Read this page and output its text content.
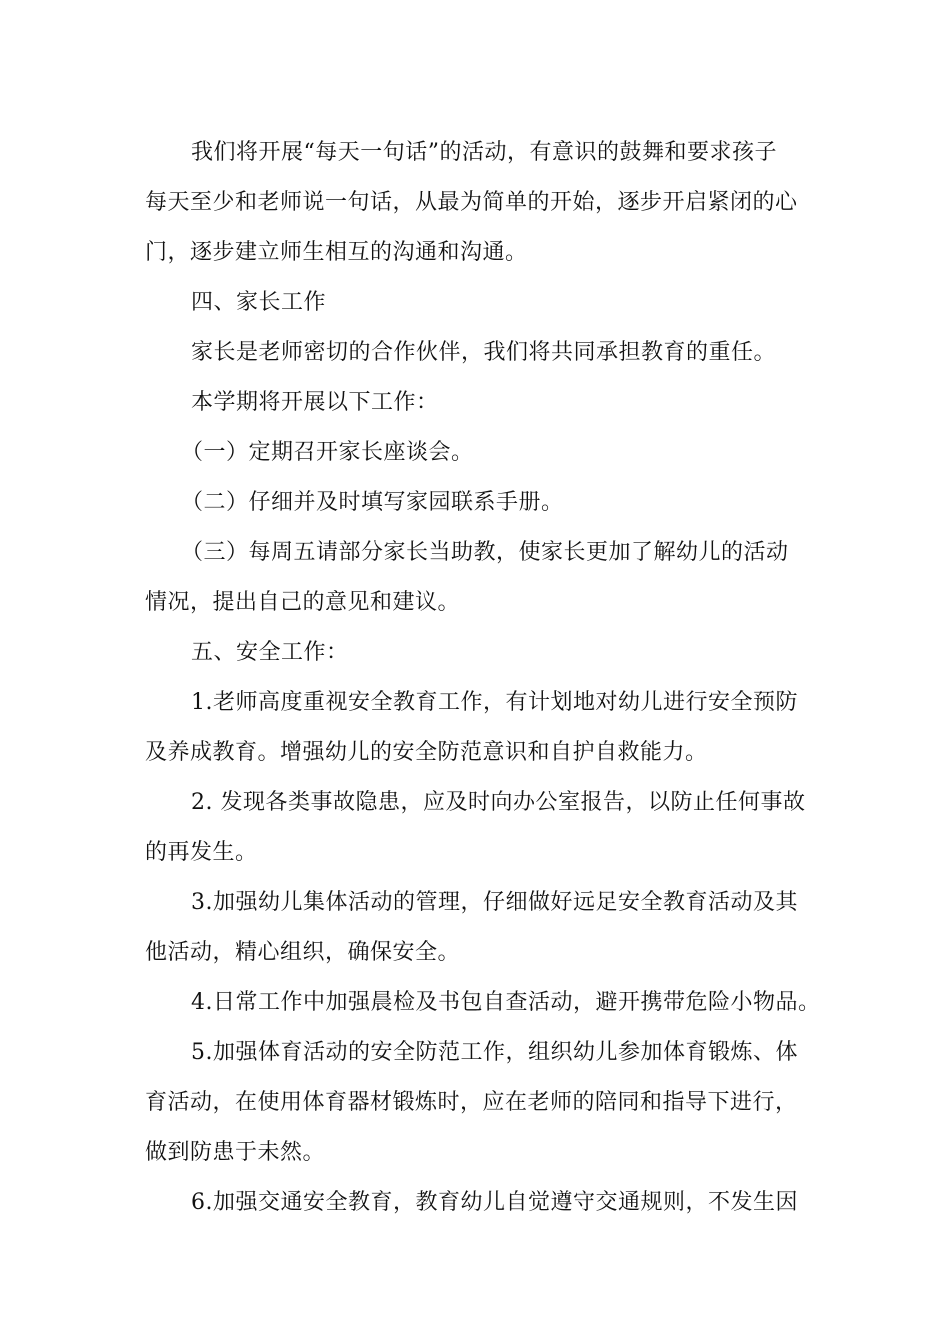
我们将开展“每天一句话”的活动，有意识的鼓舞和要求孩子
每天至少和老师说一句话，从最为简单的开始，逐步开启紧闭的心
门，逐步建立师生相互的沟通和沟通。

四、家长工作

家长是老师密切的合作伙伴，我们将共同承担教育的重任。

本学期将开展以下工作：

（一）定期召开家长座谈会。

（二）仔细并及时填写家园联系手册。

（三）每周五请部分家长当助教，使家长更加了解幼儿的活动
情况，提出自己的意见和建议。

五、安全工作：

1.老师高度重视安全教育工作，有计划地对幼儿进行安全预防

及养成教育。增强幼儿的安全防范意识和自护自救能力。

2. 发现各类事故隐患，应及时向办公室报告，以防止任何事故
的再发生。

3.加强幼儿集体活动的管理，仔细做好远足安全教育活动及其
他活动，精心组织，确保安全。

4.日常工作中加强晨检及书包自查活动，避开携带危险小物品。

5.加强体育活动的安全防范工作，组织幼儿参加体育锻炼、体
育活动，在使用体育器材锻炼时，应在老师的陪同和指导下进行，
做到防患于未然。

6.加强交通安全教育，教育幼儿自觉遵守交通规则，不发生因
